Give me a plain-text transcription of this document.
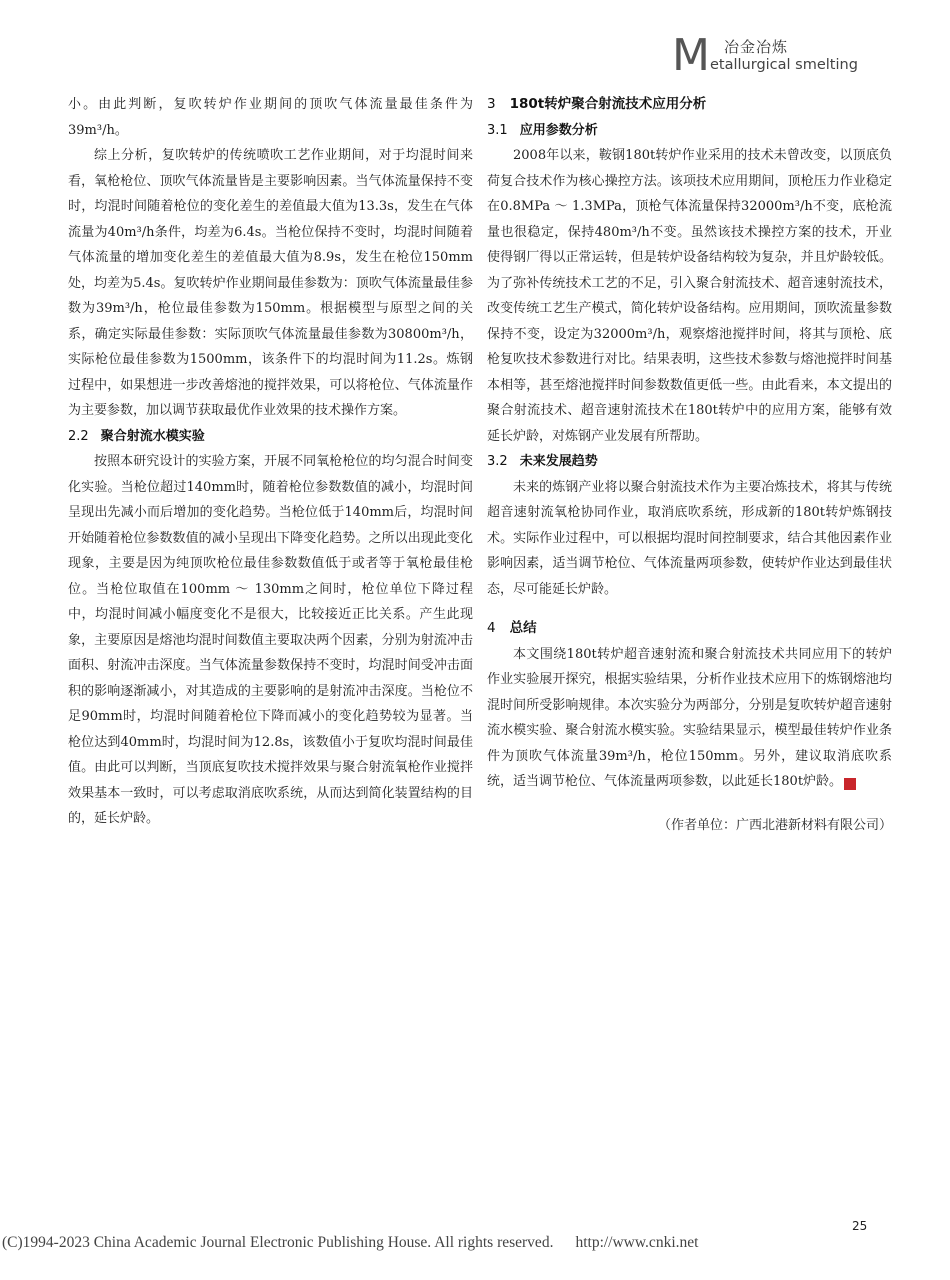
M 冶金冶炼
etallurgical smelting

小。由此判断，复吹转炉作业期间的顶吹气体流量最佳条件为39m³/h。

综上分析，复吹转炉的传统喷吹工艺作业期间，对于均混时间来看，氧枪枪位、顶吹气体流量皆是主要影响因素。当气体流量保持不变时，均混时间随着枪位的变化差生的差值最大值为13.3s，发生在气体流量为40m³/h条件，均差为6.4s。当枪位保持不变时，均混时间随着气体流量的增加变化差生的差值最大值为8.9s，发生在枪位150mm处，均差为5.4s。复吹转炉作业期间最佳参数为：顶吹气体流量最佳参数为39m³/h，枪位最佳参数为150mm。根据模型与原型之间的关系，确定实际最佳参数：实际顶吹气体流量最佳参数为30800m³/h，实际枪位最佳参数为1500mm，该条件下的均混时间为11.2s。炼钢过程中，如果想进一步改善熔池的搅拌效果，可以将枪位、气体流量作为主要参数，加以调节获取最优作业效果的技术操作方案。

2.2 聚合射流水模实验

按照本研究设计的实验方案，开展不同氧枪枪位的均匀混合时间变化实验。当枪位超过140mm时，随着枪位参数数值的减小，均混时间呈现出先减小而后增加的变化趋势。当枪位低于140mm后，均混时间开始随着枪位参数数值的减小呈现出下降变化趋势。之所以出现此变化现象，主要是因为纯顶吹枪位最佳参数数值低于或者等于氧枪最佳枪位。当枪位取值在100mm ～ 130mm之间时，枪位单位下降过程中，均混时间减小幅度变化不是很大，比较接近正比关系。产生此现象，主要原因是熔池均混时间数值主要取决两个因素，分别为射流冲击面积、射流冲击深度。当气体流量参数保持不变时，均混时间受冲击面积的影响逐渐减小，对其造成的主要影响的是射流冲击深度。当枪位不足90mm时，均混时间随着枪位下降而减小的变化趋势较为显著。当枪位达到40mm时，均混时间为12.8s，该数值小于复吹均混时间最佳值。由此可以判断，当顶底复吹技术搅拌效果与聚合射流氧枪作业搅拌效果基本一致时，可以考虑取消底吹系统，从而达到简化装置结构的目的，延长炉龄。

3 180t转炉聚合射流技术应用分析
3.1 应用参数分析

2008年以来，鞍钢180t转炉作业采用的技术未曾改变，以顶底负荷复合技术作为核心操控方法。该项技术应用期间，顶枪压力作业稳定在0.8MPa ～ 1.3MPa，顶枪气体流量保持32000m³/h不变，底枪流量也很稳定，保持480m³/h不变。虽然该技术操控方案的技术，开业使得钢厂得以正常运转，但是转炉设备结构较为复杂，并且炉龄较低。为了弥补传统技术工艺的不足，引入聚合射流技术、超音速射流技术，改变传统工艺生产模式，简化转炉设备结构。应用期间，顶吹流量参数保持不变，设定为32000m³/h，观察熔池搅拌时间，将其与顶枪、底枪复吹技术参数进行对比。结果表明，这些技术参数与熔池搅拌时间基本相等，甚至熔池搅拌时间参数数值更低一些。由此看来，本文提出的聚合射流技术、超音速射流技术在180t转炉中的应用方案，能够有效延长炉龄，对炼钢产业发展有所帮助。

3.2 未来发展趋势

未来的炼钢产业将以聚合射流技术作为主要冶炼技术，将其与传统超音速射流氧枪协同作业，取消底吹系统，形成新的180t转炉炼钢技术。实际作业过程中，可以根据均混时间控制要求，结合其他因素作业影响因素，适当调节枪位、气体流量两项参数，使转炉作业达到最佳状态，尽可能延长炉龄。

4 总结

本文围绕180t转炉超音速射流和聚合射流技术共同应用下的转炉作业实验展开探究，根据实验结果，分析作业技术应用下的炼钢熔池均混时间所受影响规律。本次实验分为两部分，分别是复吹转炉超音速射流水模实验、聚合射流水模实验。实验结果显示，模型最佳转炉作业条件为顶吹气体流量39m³/h，枪位150mm。另外，建议取消底吹系统，适当调节枪位、气体流量两项参数，以此延长180t炉龄。	涌

（作者单位：广西北港新材料有限公司）

25
(C)1994-2023 China Academic Journal Electronic Publishing House. All rights reserved. http://www.cnki.net
